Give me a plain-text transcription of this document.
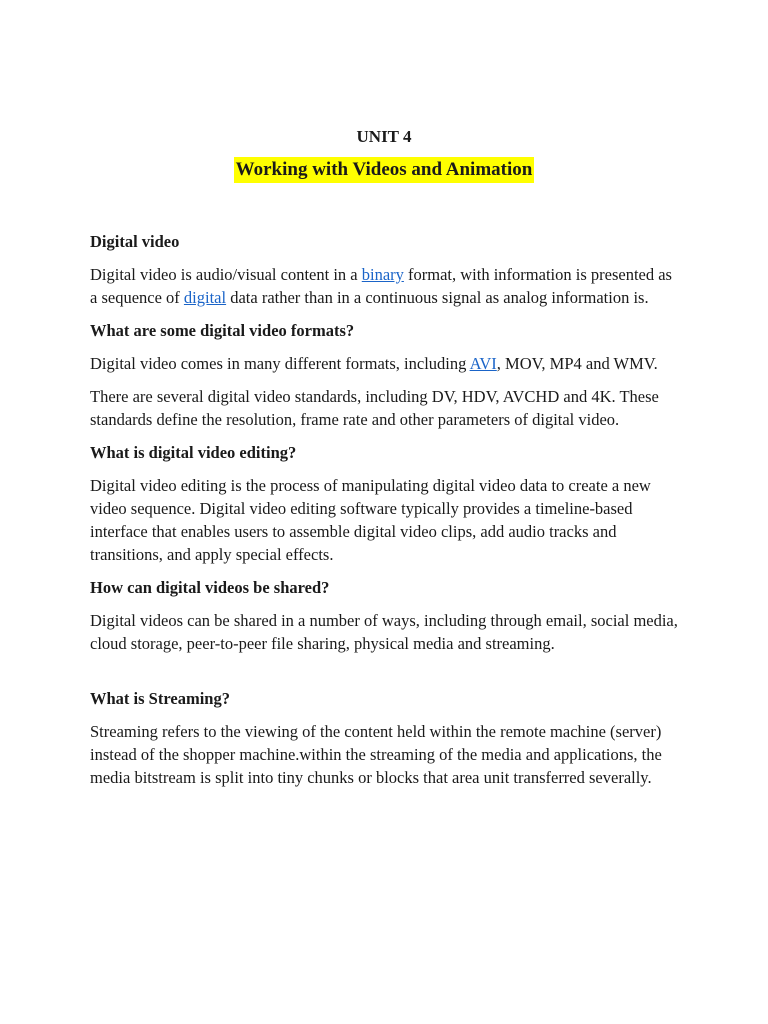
UNIT 4
Working with Videos and Animation
Digital video
Digital video is audio/visual content in a binary format, with information is presented as a sequence of digital data rather than in a continuous signal as analog information is.
What are some digital video formats?
Digital video comes in many different formats, including AVI, MOV, MP4 and WMV.
There are several digital video standards, including DV, HDV, AVCHD and 4K. These standards define the resolution, frame rate and other parameters of digital video.
What is digital video editing?
Digital video editing is the process of manipulating digital video data to create a new video sequence. Digital video editing software typically provides a timeline-based interface that enables users to assemble digital video clips, add audio tracks and transitions, and apply special effects.
How can digital videos be shared?
Digital videos can be shared in a number of ways, including through email, social media, cloud storage, peer-to-peer file sharing, physical media and streaming.
What is Streaming?
Streaming refers to the viewing of the content held within the remote machine (server) instead of the shopper machine.within the streaming of the media and applications, the media bitstream is split into tiny chunks or blocks that area unit transferred severally.
